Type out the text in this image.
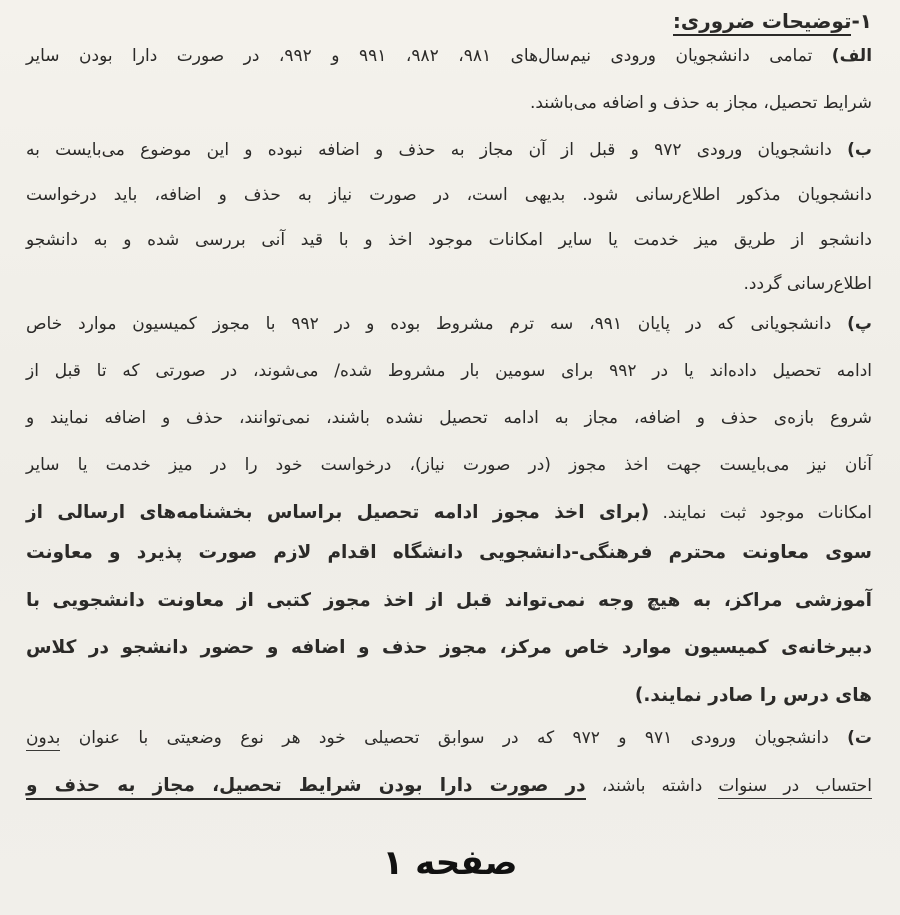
۱-توضیحات ضروری:
الف) تمامی دانشجویان ورودی نیم‌سال‌های ۹۸۱، ۹۸۲، ۹۹۱ و ۹۹۲، در صورت دارا بودن سایر
شرایط تحصیل، مجاز به حذف و اضافه می‌باشند.
ب) دانشجویان ورودی ۹۷۲ و قبل از آن مجاز به حذف و اضافه نبوده و این موضوع می‌بایست به
دانشجویان مذکور اطلاع‌رسانی شود. بدیهی است، در صورت نیاز به حذف و اضافه، باید درخواست
دانشجو از طریق میز خدمت یا سایر امکانات موجود اخذ و با قید آنی بررسی شده و به دانشجو
اطلاع‌رسانی گردد.
پ) دانشجویانی که در پایان ۹۹۱، سه ترم مشروط بوده و در ۹۹۲ با مجوز کمیسیون موارد خاص
ادامه تحصیل داده‌اند یا در ۹۹۲ برای سومین بار مشروط شده/ می‌شوند، در صورتی که تا قبل از
شروع بازه‌ی حذف و اضافه، مجاز به ادامه تحصیل نشده باشند، نمی‌توانند، حذف و اضافه نمایند و
آنان نیز می‌بایست جهت اخذ مجوز (در صورت نیاز)، درخواست خود را در میز خدمت یا سایر
امکانات موجود ثبت نمایند. (برای اخذ مجوز ادامه تحصیل براساس بخشنامه‌های ارسالی از
سوی معاونت محترم فرهنگی-دانشجویی دانشگاه اقدام لازم صورت پذیرد و معاونت
آموزشی مراکز، به هیچ وجه نمی‌تواند قبل از اخذ مجوز کتبی از معاونت دانشجویی با
دبیرخانه‌ی کمیسیون موارد خاص مرکز، مجوز حذف و اضافه و حضور دانشجو در کلاس
های درس را صادر نمایند.)
ت) دانشجویان ورودی ۹۷۱ و ۹۷۲ که در سوابق تحصیلی خود هر نوع وضعیتی با عنوان بدون
احتساب در سنوات داشته باشند، در صورت دارا بودن شرایط تحصیل، مجاز به حذف و
صفحه ۱
